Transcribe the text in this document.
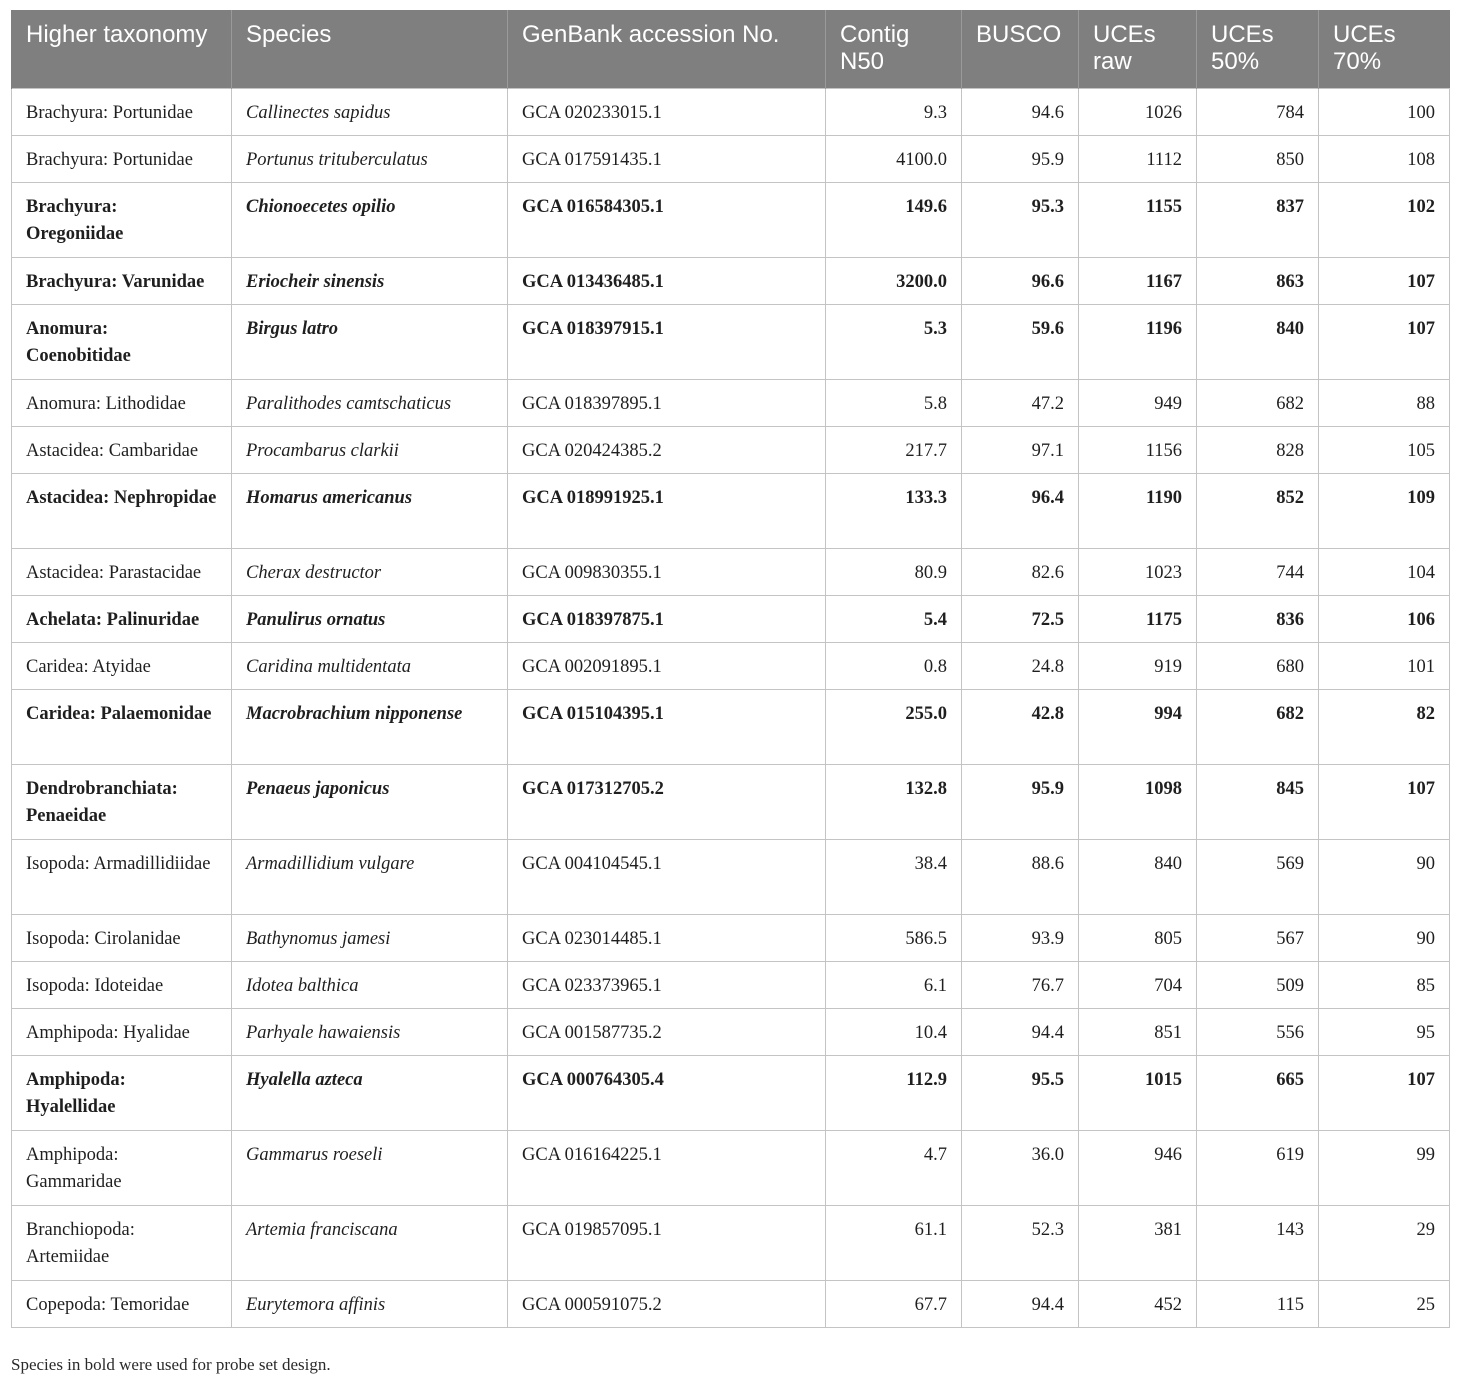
Higher taxonomy	Species	GenBank accession No.	Contig N50	BUSCO	UCEs raw	UCEs 50%	UCEs 70%
Brachyura: Portunidae	Callinectes sapidus	GCA 020233015.1	9.3	94.6	1026	784	100
Brachyura: Portunidae	Portunus trituberculatus	GCA 017591435.1	4100.0	95.9	1112	850	108
Brachyura: Oregoniidae	Chionoecetes opilio	GCA 016584305.1	149.6	95.3	1155	837	102
Brachyura: Varunidae	Eriocheir sinensis	GCA 013436485.1	3200.0	96.6	1167	863	107
Anomura: Coenobitidae	Birgus latro	GCA 018397915.1	5.3	59.6	1196	840	107
Anomura: Lithodidae	Paralithodes camtschaticus	GCA 018397895.1	5.8	47.2	949	682	88
Astacidea: Cambaridae	Procambarus clarkii	GCA 020424385.2	217.7	97.1	1156	828	105
Astacidea: Nephropidae	Homarus americanus	GCA 018991925.1	133.3	96.4	1190	852	109
Astacidea: Parastacidae	Cherax destructor	GCA 009830355.1	80.9	82.6	1023	744	104
Achelata: Palinuridae	Panulirus ornatus	GCA 018397875.1	5.4	72.5	1175	836	106
Caridea: Atyidae	Caridina multidentata	GCA 002091895.1	0.8	24.8	919	680	101
Caridea: Palaemonidae	Macrobrachium nipponense	GCA 015104395.1	255.0	42.8	994	682	82
Dendrobranchiata: Penaeidae	Penaeus japonicus	GCA 017312705.2	132.8	95.9	1098	845	107
Isopoda: Armadillidiidae	Armadillidium vulgare	GCA 004104545.1	38.4	88.6	840	569	90
Isopoda: Cirolanidae	Bathynomus jamesi	GCA 023014485.1	586.5	93.9	805	567	90
Isopoda: Idoteidae	Idotea balthica	GCA 023373965.1	6.1	76.7	704	509	85
Amphipoda: Hyalidae	Parhyale hawaiensis	GCA 001587735.2	10.4	94.4	851	556	95
Amphipoda: Hyalellidae	Hyalella azteca	GCA 000764305.4	112.9	95.5	1015	665	107
Amphipoda: Gammaridae	Gammarus roeseli	GCA 016164225.1	4.7	36.0	946	619	99
Branchiopoda: Artemiidae	Artemia franciscana	GCA 019857095.1	61.1	52.3	381	143	29
Copepoda: Temoridae	Eurytemora affinis	GCA 000591075.2	67.7	94.4	452	115	25
Species in bold were used for probe set design.
